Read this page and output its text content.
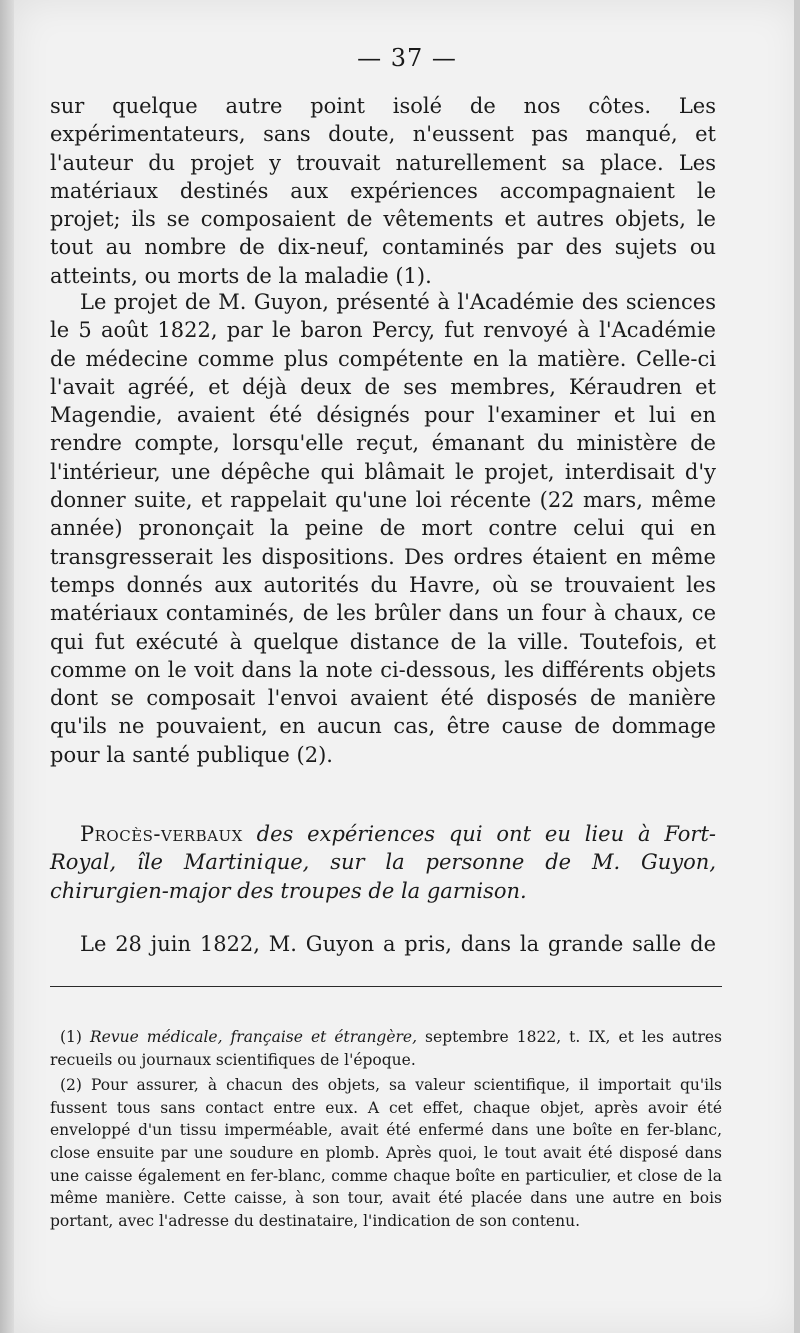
— 37 —

sur quelque autre point isolé de nos côtes. Les expérimentateurs, sans doute, n'eussent pas manqué, et l'auteur du projet y trouvait naturellement sa place. Les matériaux destinés aux expériences accompagnaient le projet; ils se composaient de vêtements et autres objets, le tout au nombre de dix-neuf, contaminés par des sujets ou atteints, ou morts de la maladie (1).

Le projet de M. Guyon, présenté à l'Académie des sciences le 5 août 1822, par le baron Percy, fut renvoyé à l'Académie de médecine comme plus compétente en la matière. Celle-ci l'avait agréé, et déjà deux de ses membres, Kéraudren et Magendie, avaient été désignés pour l'examiner et lui en rendre compte, lorsqu'elle reçut, émanant du ministère de l'intérieur, une dépêche qui blâmait le projet, interdisait d'y donner suite, et rappelait qu'une loi récente (22 mars, même année) prononçait la peine de mort contre celui qui en transgresserait les dispositions. Des ordres étaient en même temps donnés aux autorités du Havre, où se trouvaient les matériaux contaminés, de les brûler dans un four à chaux, ce qui fut exécuté à quelque distance de la ville. Toutefois, et comme on le voit dans la note ci-dessous, les différents objets dont se composait l'envoi avaient été disposés de manière qu'ils ne pouvaient, en aucun cas, être cause de dommage pour la santé publique (2).

Procès-verbaux des expériences qui ont eu lieu à Fort-Royal, île Martinique, sur la personne de M. Guyon, chirurgien-major des troupes de la garnison.

Le 28 juin 1822, M. Guyon a pris, dans la grande salle de

(1) Revue médicale, française et étrangère, septembre 1822, t. IX, et les autres recueils ou journaux scientifiques de l'époque.

(2) Pour assurer, à chacun des objets, sa valeur scientifique, il importait qu'ils fussent tous sans contact entre eux. A cet effet, chaque objet, après avoir été enveloppé d'un tissu imperméable, avait été enfermé dans une boîte en fer-blanc, close ensuite par une soudure en plomb. Après quoi, le tout avait été disposé dans une caisse également en fer-blanc, comme chaque boîte en particulier, et close de la même manière. Cette caisse, à son tour, avait été placée dans une autre en bois portant, avec l'adresse du destinataire, l'indication de son contenu.
